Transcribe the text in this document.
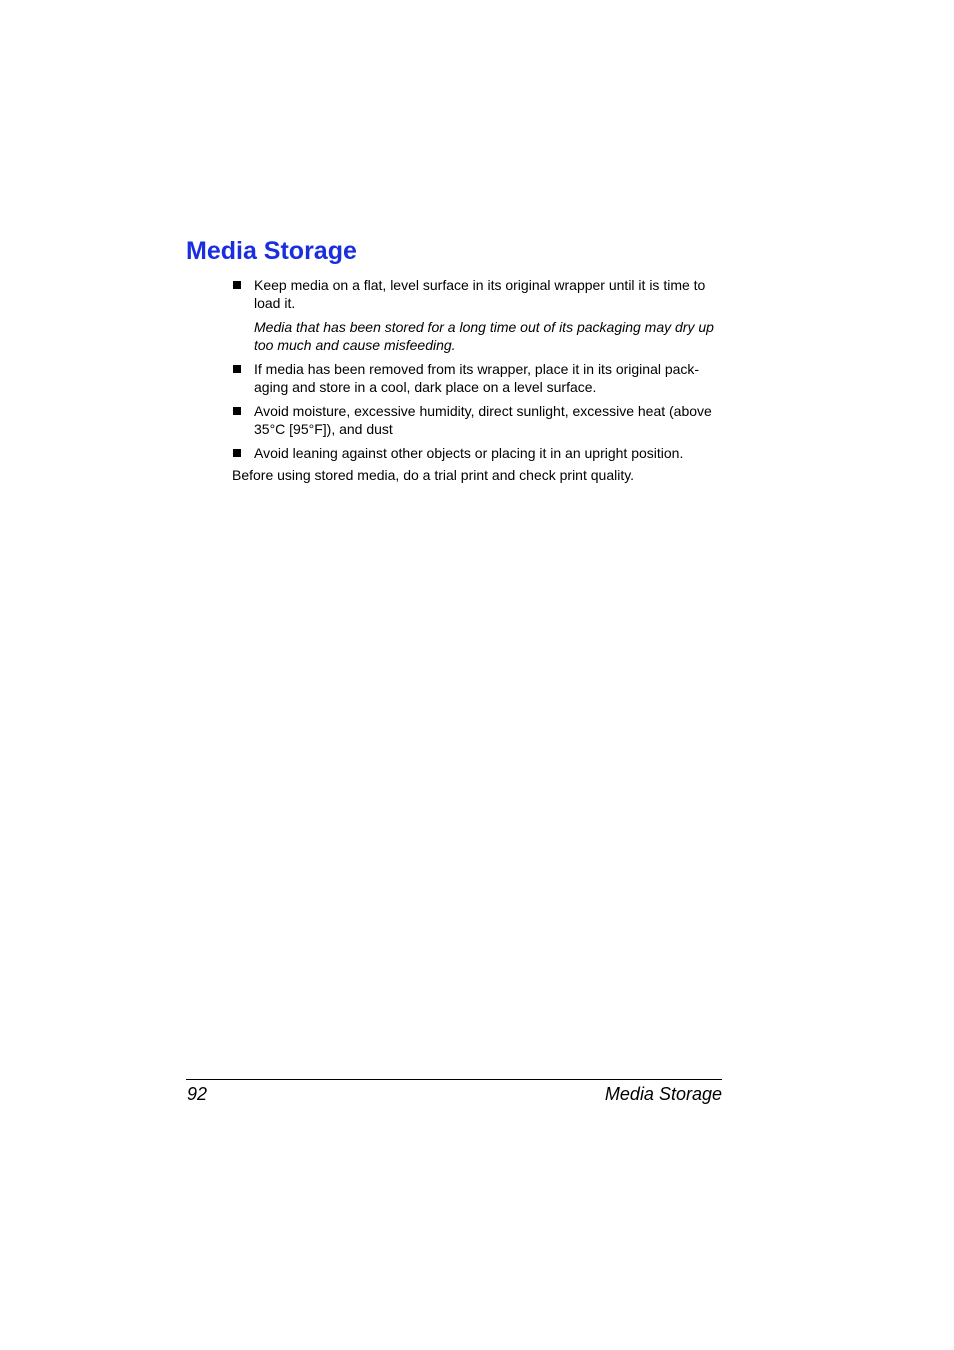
Media Storage
Keep media on a flat, level surface in its original wrapper until it is time to load it.
Media that has been stored for a long time out of its packaging may dry up too much and cause misfeeding.
If media has been removed from its wrapper, place it in its original pack-aging and store in a cool, dark place on a level surface.
Avoid moisture, excessive humidity, direct sunlight, excessive heat (above 35°C [95°F]), and dust
Avoid leaning against other objects or placing it in an upright position.

Before using stored media, do a trial print and check print quality.

92	Media Storage
